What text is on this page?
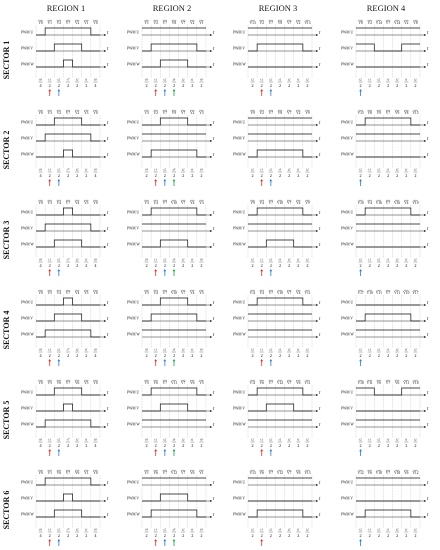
REGION 1	REGION 2	REGION 3	REGION 4
SECTOR 1
SECTOR 2
SECTOR 3
SECTOR 4
SECTOR 5
SECTOR 6
V0 V1 V2 V7 V2 V1 V0
PWM U	t
PWM V	t
PWM W	t
t0
4
t1
2
t2
2
t7
2
t2
2
t1
2
t0
4
V1 V2 V7 V8 V7 V2 V1
PWM U	t
PWM V	t
PWM W	t
t0
2
t1
2
t2
2
t3
2
t2
2
t1
2
t0
2
V13 V2 V7 V8 V7 V2 V13
PWM U	t
PWM V	t
PWM W	t
t2
2
t1
2
t2
2
t1
2
t2
2
t1
2
t2
2
V8 V2 V14 V7 V14 V2 V8
PWM U	t
PWM V	t
PWM W	t
t2
2
t1
2
t2
2
t1
2
t2
2
t1
2
t2
2
V0 V3 V2 V7 V2 V3 V0
PWM U	t
PWM V	t
PWM W	t
t0
4
t1
2
t2
2
t7
2
t2
2
t1
2
t0
4
V3 V2 V7 V9 V7 V2 V3
PWM U	t
PWM V	t
PWM W	t
t0
2
t1
2
t2
2
t3
2
t2
2
t1
2
t0
2
V9 V2 V7 V8 V7 V2 V9
PWM U	t
PWM V	t
PWM W	t
t2
2
t1
2
t2
2
t1
2
t2
2
t1
2
t2
2
V15 V8 V9 V7 V9 V8 V15
PWM U	t
PWM V	t
PWM W	t
t2
2
t1
2
t2
2
t1
2
t2
2
t1
2
t2
2
V0 V3 V4 V7 V4 V3 V0
PWM U	t
PWM V	t
PWM W	t
t0
4
t1
2
t2
2
t7
2
t2
2
t1
2
t0
4
V3 V4 V7 V10 V7 V4 V3
PWM U	t
PWM V	t
PWM W	t
t0
2
t1
2
t2
2
t3
2
t2
2
t1
2
t0
2
V9 V4 V7 V10 V7 V4 V9
PWM U	t
PWM V	t
PWM W	t
t2
2
t1
2
t2
2
t1
2
t2
2
t1
2
t2
2
V10 V4 V16 V7 V16 V4 V10
PWM U	t
PWM V	t
PWM W	t
t2
2
t1
2
t2
2
t1
2
t2
2
t1
2
t2
2
V0 V5 V4 V7 V4 V5 V0
PWM U	t
PWM V	t
PWM W	t
t0
4
t1
2
t2
2
t7
2
t2
2
t1
2
t0
4
V5 V4 V7 V10 V7 V4 V5
PWM U	t
PWM V	t
PWM W	t
t0
2
t1
2
t2
2
t3
2
t2
2
t1
2
t0
2
V11 V4 V7 V10 V7 V4 V11
PWM U	t
PWM V	t
PWM W	t
t2
2
t1
2
t2
2
t1
2
t2
2
t1
2
t2
2
V17 V10 V11 V7 V11 V10 V17
PWM U	t
PWM V	t
PWM W	t
t2
2
t1
2
t2
2
t1
2
t2
2
t1
2
t2
2
V0 V5 V6 V7 V6 V5 V0
PWM U	t
PWM V	t
PWM W	t
t0
4
t1
2
t2
2
t7
2
t2
2
t1
2
t0
4
V5 V6 V7 V11 V7 V6 V5
PWM U	t
PWM V	t
PWM W	t
t0
2
t1
2
t2
2
t3
2
t2
2
t1
2
t0
2
V11 V6 V7 V12 V7 V6 V11
PWM U	t
PWM V	t
PWM W	t
t2
2
t1
2
t2
2
t1
2
t2
2
t1
2
t2
2
V18 V11 V6 V7 V6 V11 V18
PWM U	t
PWM V	t
PWM W	t
t2
2
t1
2
t2
2
t1
2
t2
2
t1
2
t2
2
V0 V1 V6 V7 V6 V1 V0
PWM U	t
PWM V	t
PWM W	t
t0
4
t1
2
t2
2
t7
2
t2
2
t1
2
t0
4
V1 V6 V7 V12 V7 V6 V1
PWM U	t
PWM V	t
PWM W	t
t0
2
t1
2
t2
2
t3
2
t2
2
t1
2
t0
2
V13 V6 V7 V12 V7 V6 V13
PWM U	t
PWM V	t
PWM W	t
t2
2
t1
2
t2
2
t1
2
t2
2
t1
2
t2
2
V12 V6 V18 V7 V18 V6 V12
PWM U	t
PWM V	t
PWM W	t
t2
2
t1
2
t2
2
t1
2
t2
2
t1
2
t2
2
